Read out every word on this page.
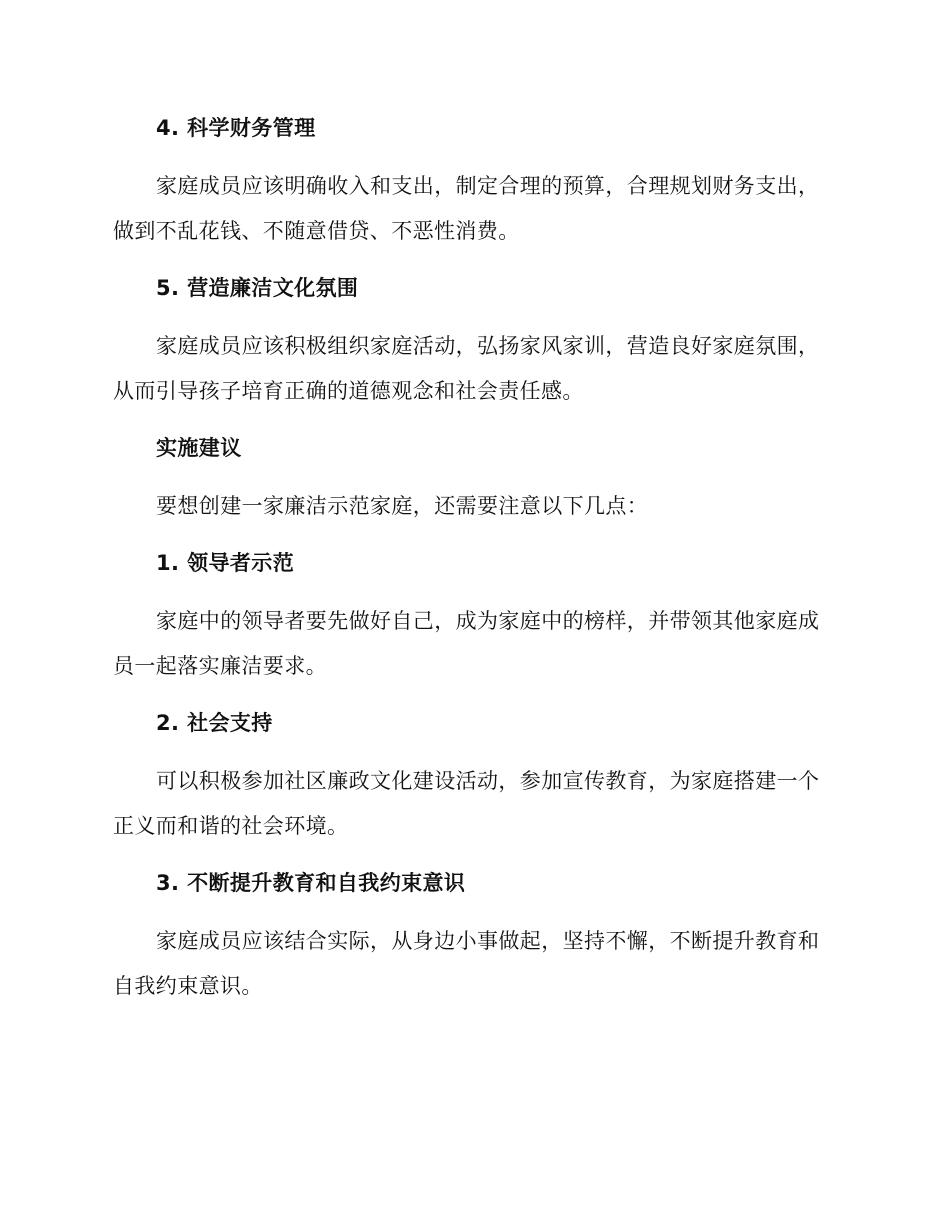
4. 科学财务管理
家庭成员应该明确收入和支出，制定合理的预算，合理规划财务支出，
做到不乱花钱、不随意借贷、不恶性消费。
5. 营造廉洁文化氛围
家庭成员应该积极组织家庭活动，弘扬家风家训，营造良好家庭氛围，
从而引导孩子培育正确的道德观念和社会责任感。
实施建议
要想创建一家廉洁示范家庭，还需要注意以下几点：
1. 领导者示范
家庭中的领导者要先做好自己，成为家庭中的榜样，并带领其他家庭成
员一起落实廉洁要求。
2. 社会支持
可以积极参加社区廉政文化建设活动，参加宣传教育，为家庭搭建一个
正义而和谐的社会环境。
3. 不断提升教育和自我约束意识
家庭成员应该结合实际，从身边小事做起，坚持不懈，不断提升教育和
自我约束意识。
